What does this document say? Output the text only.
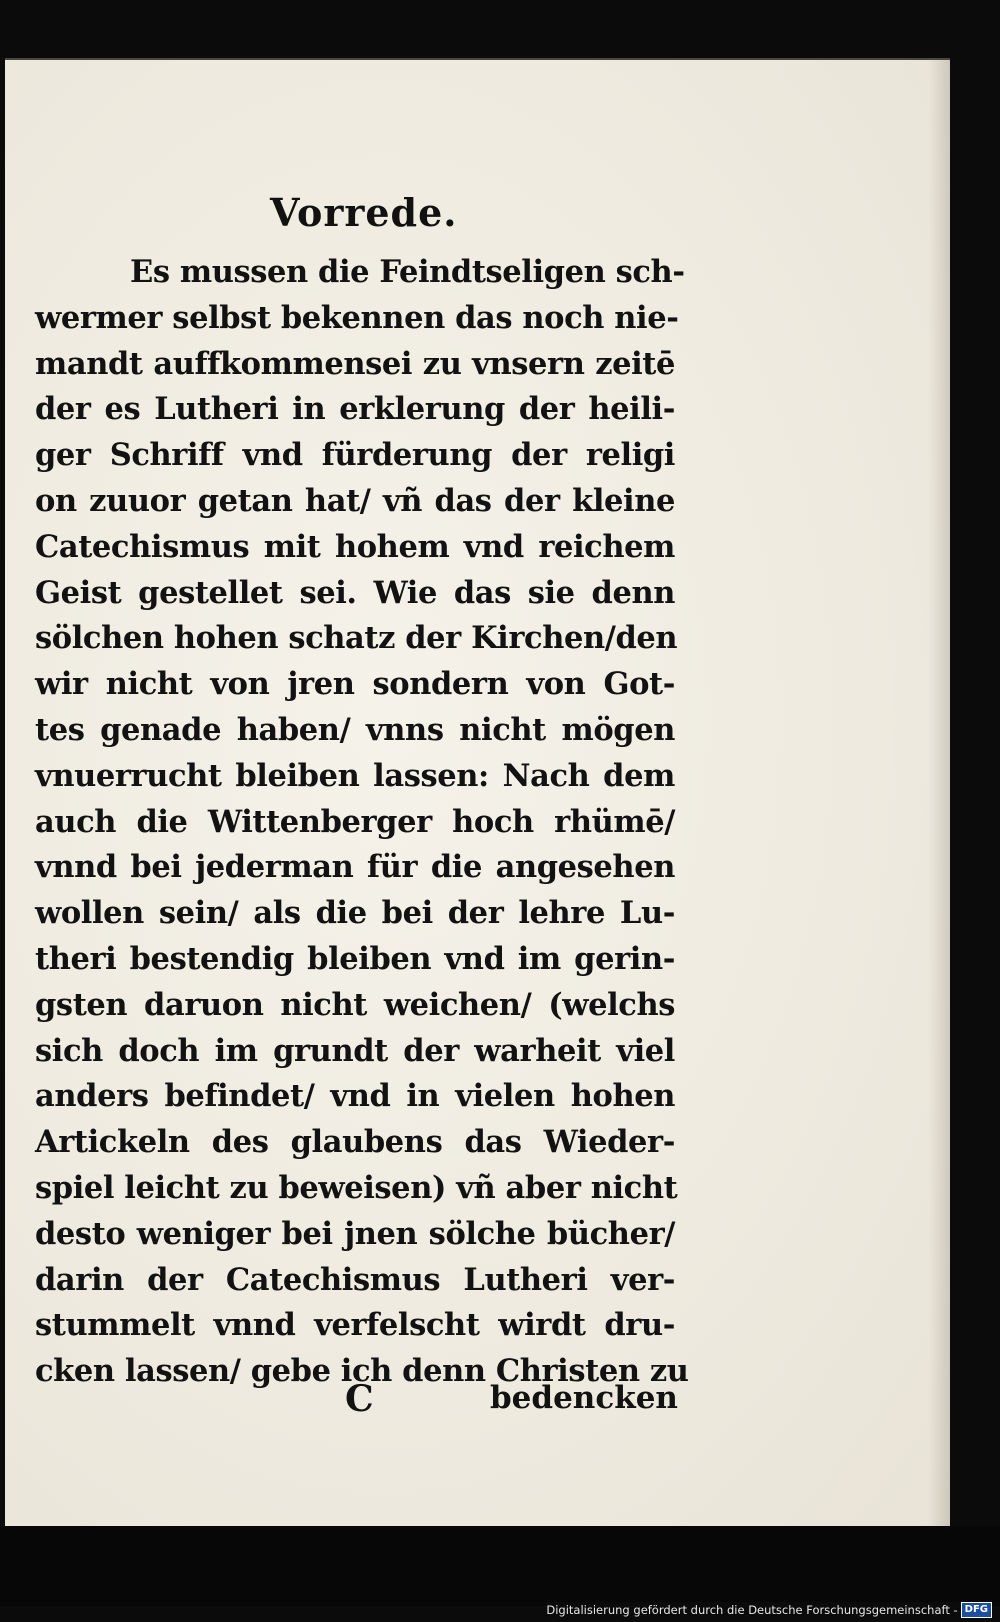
Vorrede.
Es mussen die Feindtseligen sch-
wermer selbst bekennen das noch nie-
mandt auffkommensei zu vnsern zeitē
der es Lutheri in erklerung der heili-
ger Schriff vnd fürderung der religi
on zuuor getan hat/ vñ das der kleine
Catechismus mit hohem vnd reichem
Geist gestellet sei. Wie das sie denn
sölchen hohen schatz der Kirchen/den
wir nicht von jren sondern von Got-
tes genade haben/ vnns nicht mögen
vnuerrucht bleiben lassen: Nach dem
auch die Wittenberger hoch rhümē/
vnnd bei jederman für die angesehen
wollen sein/ als die bei der lehre Lu-
theri bestendig bleiben vnd im gerin-
gsten daruon nicht weichen/ (welchs
sich doch im grundt der warheit viel
anders befindet/ vnd in vielen hohen
Artickeln des glaubens das Wieder-
spiel leicht zu beweisen) vñ aber nicht
desto weniger bei jnen sölche bücher/
darin der Catechismus Lutheri ver-
stummelt vnnd verfelscht wirdt dru-
cken lassen/ gebe ich denn Christen zu
C	bedencken
Digitalisierung gefördert durch die Deutsche Forschungsgemeinschaft - DFG
